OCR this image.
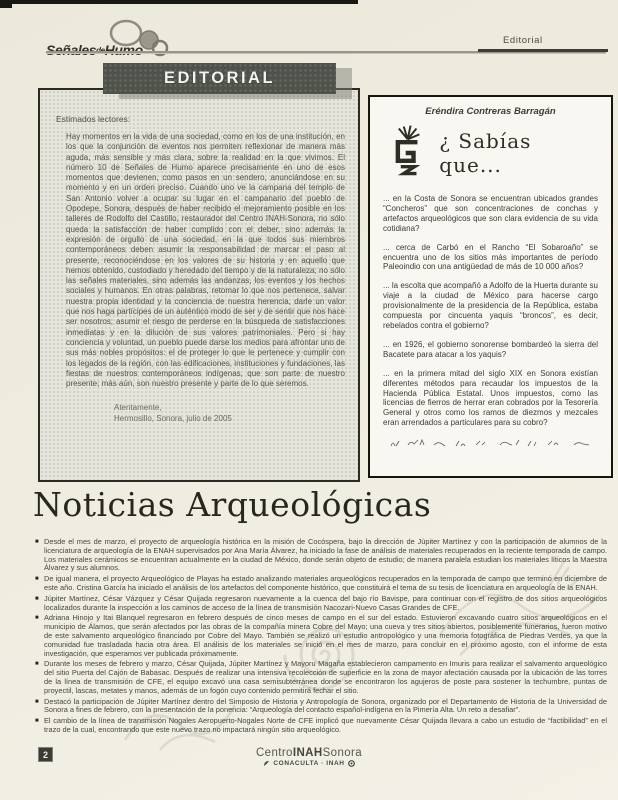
SeñalesdeHumo
Editorial
EDITORIAL

Estimados lectores:

Hay momentos en la vida de una sociedad, como en los de una institución, en los que la conjunción de eventos nos permiten reflexionar de manera más aguda, más sensible y más clara, sobre la realidad en la que vivimos. El número 10 de Señales de Humo aparece precisamente en uno de esos momentos que devienen, como pasos en un sendero, anunciándose en su momento y en un orden preciso. Cuando uno ve la campana del templo de San Antonio volver a ocupar su lugar en el campanario del pueblo de Opodepe, Sonora, después de haber recibido el mejoramiento posible en los talleres de Rodolfo del Castillo, restaurador del Centro INAH-Sonora, no sólo queda la satisfacción de haber cumplido con el deber, sino además la expresión de orgullo de una sociedad, en la que todos sus miembros contemporáneos deben asumir la responsabilidad de marcar el paso al presente, reconociéndose en los valores de su historia y en aquello que hemos obtenido, custodiado y heredado del tiempo y de la naturaleza; no sólo las señales materiales, sino además las andanzas, los eventos y los hechos sociales y humanos. En otras palabras, retomar lo que nos pertenece, salvar nuestra propia identidad y la conciencia de nuestra herencia, darle un valor que nos haga partícipes de un auténtico modo de ser y de sentir que nos hace ser nosotros; asumir el riesgo de perderse en la búsqueda de satisfacciones inmediatas y en la dilución de sus valores patrimoniales. Pero si hay conciencia y voluntad, un pueblo puede darse los medios para afrontar uno de sus más nobles propósitos: el de proteger lo que le pertenece y cumplir con los legados de la región, con las edificaciones, instituciones y fundaciones, las fiestas de nuestros contemporáneos indígenas, que son parte de nuestro presente; más aún, son nuestro presente y parte de lo que seremos.

Atentamente,
Hermosillo, Sonora, julio de 2005
Eréndira Contreras Barragán
¿ Sabías que...

... en la Costa de Sonora se encuentran ubicados grandes “Concheros” que son concentraciones de conchas y artefactos arqueológicos que son clara evidencia de su vida cotidiana?

... cerca de Carbó en el Rancho “El Sobaroaño” se encuentra uno de los sitios más importantes de período Paleoindio con una antigüedad de más de 10 000 años?

... la escolta que acompañó a Adolfo de la Huerta durante su viaje a la ciudad de México para hacerse cargo provisionalmente de la presidencia de la República, estaba compuesta por cincuenta yaquis “broncos”, es decir, rebelados contra el gobierno?

... en 1926, el gobierno sonorense bombardeó la sierra del Bacatete para atacar a los yaquis?

... en la primera mitad del siglo XIX en Sonora existían diferentes métodos para recaudar los impuestos de la Hacienda Pública Estatal. Unos impuestos, como las licencias de fierros de herrar eran cobrados por la Tesorería General y otros como los ramos de diezmos y mezcales eran arrendados a particulares para su cobro?

Noticias Arqueológicas
■ Desde el mes de marzo, el proyecto de arqueología histórica en la misión de Cocóspera, bajo la dirección de Júpiter Martínez y con la participación de alumnos de la licenciatura de arqueología de la ENAH supervisados por Ana María Álvarez, ha iniciado la fase de análisis de materiales recuperados en la reciente temporada de campo. Los materiales cerámicos se encuentran actualmente en la ciudad de México, donde serán objeto de estudio; de manera paralela estudian los materiales líticos la Maestra Álvarez y sus alumnos.
■ De igual manera, el proyecto Arqueológico de Playas ha estado analizando materiales arqueológicos recuperados en la temporada de campo que terminó en diciembre de este año. Cristina García ha iniciado el análisis de los artefactos del componente histórico, que constituirá el tema de su tesis de licenciatura en arqueología de la ENAH.
■ Júpiter Martínez, César Vázquez y César Quijada regresaron nuevamente a la cuenca del bajo río Bavispe, para continuar con el registro de dos sitios arqueológicos localizados durante la inspección a los caminos de acceso de la línea de transmisión Nacozari-Nuevo Casas Grandes de CFE.
■ Adriana Hinojo y Itai Blanquel regresaron en febrero después de cinco meses de campo en el sur del estado. Estuvieron excavando cuatro sitios arqueológicos en el municipio de Álamos, que serán afectados por las obras de la compañía minera Cobre del Mayo; una cueva y tres sitios abiertos, posiblemente funerarios, fueron motivo de este salvamento arqueológico financiado por Cobre del Mayo. También se realizó un estudio antropológico y una memoria fotográfica de Piedras Verdes, ya que la comunidad fue trasladada hacia otra área. El análisis de los materiales se inició en el mes de marzo, para concluir en el próximo agosto, con el informe de esta investigación, que esperamos ver publicada próximamente.
■ Durante los meses de febrero y marzo, César Quijada, Júpiter Martínez y Mayoru Magaña establecieron campamento en Imuris para realizar el salvamento arqueológico del sitio Puerta del Cajón de Babasac. Después de realizar una intensiva recolección de superficie en la zona de mayor afectación causada por la ubicación de las torres de la línea de transmisión de CFE, el equipo excavó una casa semisubterránea donde se encontraron los agujeros de poste para sostener la techumbre, puntas de proyectil, lascas, metates y manos, además de un fogón cuyo contenido permitirá fechar el sitio.
■ Destacó la participación de Júpiter Martínez dentro del Simposio de Historia y Antropología de Sonora, organizado por el Departamento de Historia de la Universidad de Sonora a fines de febrero, con la presentación de la ponencia: “Arqueología del contacto español-indígena en la Pimería Alta. Un reto a desafiar”.
■ El cambio de la línea de transmisión Nogales Aeropuerto-Nogales Norte de CFE implicó que nuevamente César Quijada llevara a cabo un estudio de “factibilidad” en el trazo de la cual, encontrando que este nuevo trazo no impactará ningún sitio arqueológico.
2	CentroINAHSonora
CONACULTA · INAH
